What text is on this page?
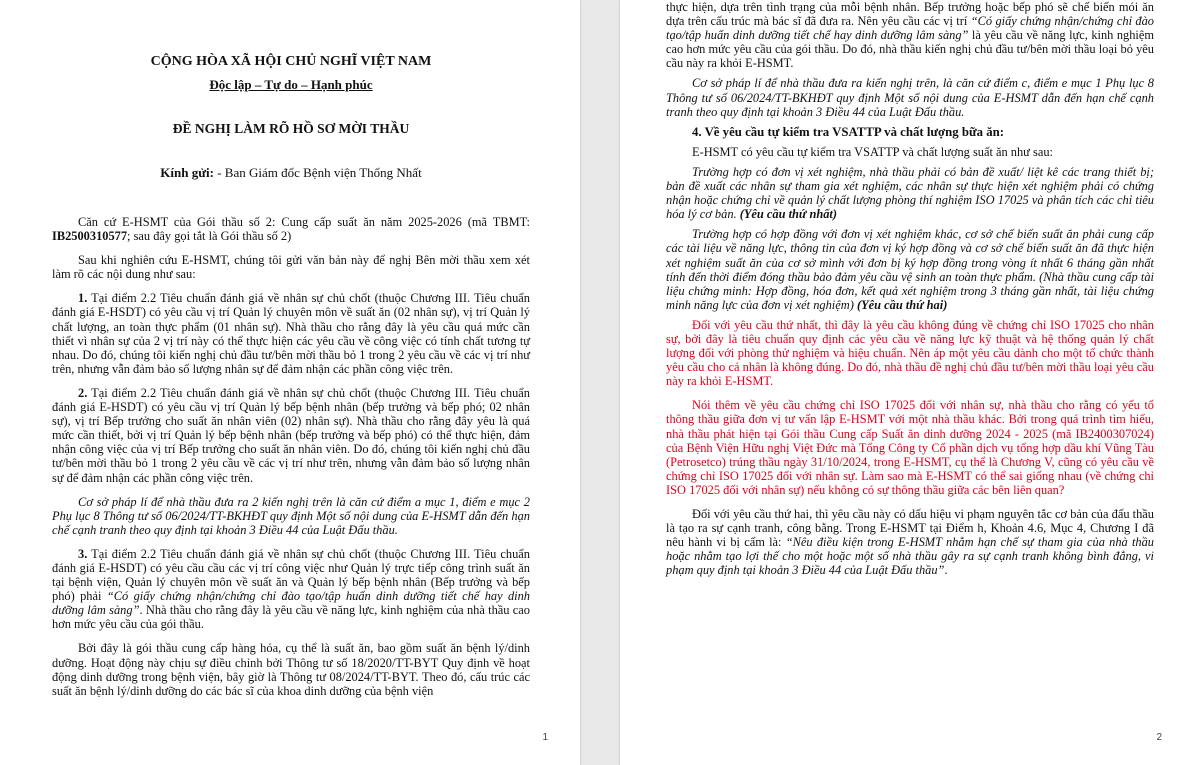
CỘNG HÒA XÃ HỘI CHỦ NGHĨ VIỆT NAM

Độc lập – Tự do – Hạnh phúc

ĐỀ NGHỊ LÀM RÕ HỒ SƠ MỜI THẦU

Kính gửi: - Ban Giám đốc Bệnh viện Thống Nhất

Căn cứ E-HSMT của Gói thầu số 2: Cung cấp suất ăn năm 2025-2026 (mã TBMT: IB2500310577; sau đây gọi tắt là Gói thầu số 2)

Sau khi nghiên cứu E-HSMT, chúng tôi gửi văn bản này để nghị Bên mời thầu xem xét làm rõ các nội dung như sau:

1. Tại điểm 2.2 Tiêu chuẩn đánh giá về nhân sự chủ chốt (thuộc Chương III. Tiêu chuẩn đánh giá E-HSDT) có yêu cầu vị trí Quản lý chuyên môn về suất ăn (02 nhân sự), vị trí Quản lý chất lượng, an toàn thực phẩm (01 nhân sự). Nhà thầu cho rằng đây là yêu cầu quá mức cần thiết vì nhân sự của 2 vị trí này có thể thực hiện các yêu cầu về công việc có tính chất tương tự nhau. Do đó, chúng tôi kiến nghị chủ đầu tư/bên mời thầu bỏ 1 trong 2 yêu cầu về các vị trí như trên, nhưng vẫn đảm bảo số lượng nhân sự để đảm nhận các phần công việc trên.

2. Tại điểm 2.2 Tiêu chuẩn đánh giá về nhân sự chủ chốt (thuộc Chương III. Tiêu chuẩn đánh giá E-HSDT) có yêu cầu vị trí Quản lý bếp bệnh nhân (bếp trưởng và bếp phó; 02 nhân sự), vị trí Bếp trưởng cho suất ăn nhân viên (02) nhân sự). Nhà thầu cho rằng đây yêu là quá mức cần thiết, bởi vị trí Quản lý bếp bệnh nhân (bếp trưởng và bếp phó) có thể thực hiện, đảm nhận công việc của vị trí Bếp trưởng cho suất ăn nhân viên. Do đó, chúng tôi kiến nghị chủ đầu tư/bên mời thầu bỏ 1 trong 2 yêu cầu về các vị trí như trên, nhưng vẫn đảm bảo số lượng nhân sự để đảm nhận các phần công việc trên.

Cơ sở pháp lí để nhà thầu đưa ra 2 kiến nghị trên là căn cứ điểm a mục 1, điểm e mục 2 Phụ lục 8 Thông tư số 06/2024/TT-BKHĐT quy định Một số nội dung của E-HSMT dẫn đến hạn chế cạnh tranh theo quy định tại khoản 3 Điều 44 của Luật Đấu thầu.

3. Tại điểm 2.2 Tiêu chuẩn đánh giá về nhân sự chủ chốt (thuộc Chương III. Tiêu chuẩn đánh giá E-HSDT) có yêu cầu cầu các vị trí công việc như Quản lý trực tiếp công trình suất ăn tại bệnh viện, Quản lý chuyên môn về suất ăn và Quản lý bếp bệnh nhân (Bếp trưởng và bếp phó) phải “Có giấy chứng nhận/chứng chỉ đào tạo/tập huấn dinh dưỡng tiết chế hay dinh dưỡng lâm sàng”. Nhà thầu cho rằng đây là yêu cầu về năng lực, kinh nghiệm của nhà thầu cao hơn mức yêu cầu của gói thầu.

Bởi đây là gói thầu cung cấp hàng hóa, cụ thể là suất ăn, bao gồm suất ăn bệnh lý/dinh dưỡng. Hoạt động này chịu sự điều chỉnh bởi Thông tư số 18/2020/TT-BYT Quy định về hoạt động dinh dưỡng trong bệnh viện, bây giờ là Thông tư 08/2024/TT-BYT. Theo đó, cấu trúc các suất ăn bệnh lý/dinh dưỡng do các bác sĩ của khoa dinh dưỡng của bệnh viện

1

thực hiện, dựa trên tình trạng của mỗi bệnh nhân. Bếp trưởng hoặc bếp phó sẽ chế biến mói ăn dựa trên cấu trúc mà bác sĩ đã đưa ra. Nên yêu cầu các vị trí “Có giấy chứng nhận/chứng chỉ đào tạo/tập huấn dinh dưỡng tiết chế hay dinh dưỡng lâm sàng” là yêu cầu về năng lực, kinh nghiệm cao hơn mức yêu cầu của gói thầu. Do đó, nhà thầu kiến nghị chủ đầu tư/bên mời thầu loại bỏ yêu cầu này ra khỏi E-HSMT.

Cơ sở pháp lí để nhà thầu đưa ra kiến nghị trên, là căn cứ điểm c, điểm e mục 1 Phụ lục 8 Thông tư số 06/2024/TT-BKHĐT quy định Một số nội dung của E-HSMT dẫn đến hạn chế cạnh tranh theo quy định tại khoản 3 Điều 44 của Luật Đấu thầu.

4. Về yêu cầu tự kiểm tra VSATTP và chất lượng bữa ăn:

E-HSMT có yêu cầu tự kiểm tra VSATTP và chất lượng suất ăn như sau:

Trường hợp có đơn vị xét nghiệm, nhà thầu phải có bản đề xuất/ liệt kê các trang thiết bị; bản đề xuất các nhân sự tham gia xét nghiệm, các nhân sự thực hiện xét nghiệm phải có chứng nhận hoặc chứng chỉ về quản lý chất lượng phòng thí nghiệm ISO 17025 và phân tích các chỉ tiêu hóa lý cơ bản. (Yêu cầu thứ nhất)

Trường hợp có hợp đồng với đơn vị xét nghiệm khác, cơ sở chế biến suất ăn phải cung cấp các tài liệu về năng lực, thông tin của đơn vị ký hợp đồng và cơ sở chế biến suất ăn đã thực hiện xét nghiệm suất ăn của cơ sở mình với đơn bị ký hợp đồng trong vòng ít nhất 6 tháng gần nhất tính đến thời điểm đóng thầu bảo đảm yêu cầu vệ sinh an toàn thực phẩm. (Nhà thầu cung cấp tài liệu chứng minh: Hợp đồng, hóa đơn, kết quả xét nghiệm trong 3 tháng gần nhất, tài liệu chứng minh năng lực của đơn vị xét nghiệm) (Yêu cầu thứ hai)

Đối với yêu cầu thứ nhất, thì đây là yêu cầu không đúng về chứng chỉ ISO 17025 cho nhân sự, bởi đây là tiêu chuẩn quy định các yêu cầu về năng lực kỹ thuật và hệ thống quản lý chất lượng đối với phòng thử nghiệm và hiệu chuẩn. Nên áp một yêu cầu dành cho một tổ chức thành yêu cầu cho cá nhân là không đúng. Do đó, nhà thầu đề nghị chủ đầu tư/bên mời thầu loại yêu cầu này ra khỏi E-HSMT.

Nói thêm về yêu cầu chứng chỉ ISO 17025 đối với nhân sự, nhà thầu cho rằng có yếu tố thông thầu giữa đơn vị tư vấn lập E-HSMT với một nhà thầu khác. Bởi trong quá trình tìm hiểu, nhà thầu phát hiện tại Gói thầu Cung cấp Suất ăn dinh dưỡng 2024 - 2025 (mã IB2400307024) của Bệnh Viện Hữu nghị Việt Đức mà Tổng Công ty Cổ phần dịch vụ tổng hợp dầu khí Vũng Tàu (Petrosetco) trúng thầu ngày 31/10/2024, trong E-HSMT, cụ thể là Chương V, cũng có yêu cầu về chứng chỉ ISO 17025 đối với nhân sự. Làm sao mà E-HSMT có thể sai giống nhau (về chứng chỉ ISO 17025 đối với nhân sự) nếu không có sự thông thầu giữa các bên liên quan?

Đối với yêu cầu thứ hai, thì yêu cầu này có dấu hiệu vi phạm nguyên tắc cơ bản của đấu thầu là tạo ra sự cạnh tranh, công bằng. Trong E-HSMT tại Điểm h, Khoản 4.6, Mục 4, Chương I đã nêu hành vi bị cấm là: “Nêu điều kiện trong E-HSMT nhằm hạn chế sự tham gia của nhà thầu hoặc nhằm tạo lợi thế cho một hoặc một số nhà thầu gây ra sự cạnh tranh không bình đẳng, vi phạm quy định tại khoản 3 Điều 44 của Luật Đấu thầu”.

2
